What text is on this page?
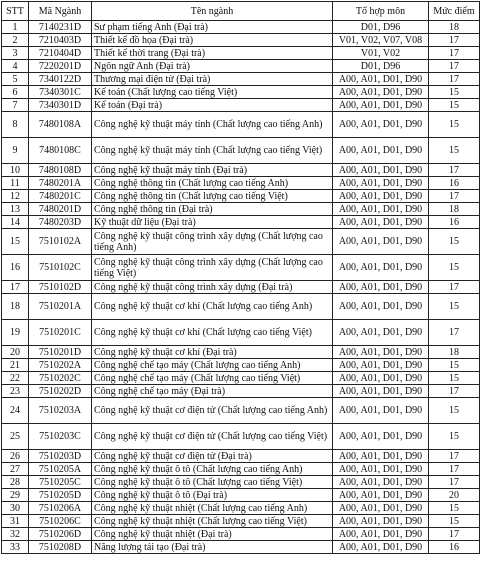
STT	Mã Ngành	Tên ngành	Tổ hợp môn	Mức điểm
1	7140231D	Sư phạm tiếng Anh (Đại trà)	D01, D96	18
2	7210403D	Thiết kế đồ họa (Đại trà)	V01, V02, V07, V08	17
3	7210404D	Thiết kế thời trang (Đại trà)	V01, V02	17
4	7220201D	Ngôn ngữ Anh (Đại trà)	D01, D96	17
5	7340122D	Thương mại điện tử (Đại trà)	A00, A01, D01, D90	17
6	7340301C	Kế toán (Chất lượng cao tiếng Việt)	A00, A01, D01, D90	15
7	7340301D	Kế toán (Đại trà)	A00, A01, D01, D90	15
8	7480108A	Công nghệ kỹ thuật máy tính (Chất lượng cao tiếng Anh)	A00, A01, D01, D90	15
9	7480108C	Công nghệ kỹ thuật máy tính (Chất lượng cao tiếng Việt)	A00, A01, D01, D90	15
10	7480108D	Công nghệ kỹ thuật máy tính (Đại trà)	A00, A01, D01, D90	17
11	7480201A	Công nghệ thông tin (Chất lượng cao tiếng Anh)	A00, A01, D01, D90	16
12	7480201C	Công nghệ thông tin (Chất lượng cao tiếng Việt)	A00, A01, D01, D90	17
13	7480201D	Công nghệ thông tin (Đại trà)	A00, A01, D01, D90	18
14	7480203D	Kỹ thuật dữ liệu (Đại trà)	A00, A01, D01, D90	16
15	7510102A	Công nghệ kỹ thuật công trình xây dựng (Chất lượng cao tiếng Anh)	A00, A01, D01, D90	15
16	7510102C	Công nghệ kỹ thuật công trình xây dựng (Chất lượng cao tiếng Việt)	A00, A01, D01, D90	15
17	7510102D	Công nghệ kỹ thuật công trình xây dựng (Đại trà)	A00, A01, D01, D90	17
18	7510201A	Công nghệ kỹ thuật cơ khí (Chất lượng cao tiếng Anh)	A00, A01, D01, D90	15
19	7510201C	Công nghệ kỹ thuật cơ khí (Chất lượng cao tiếng Việt)	A00, A01, D01, D90	17
20	7510201D	Công nghệ kỹ thuật cơ khí (Đại trà)	A00, A01, D01, D90	18
21	7510202A	Công nghệ chế tạo máy (Chất lượng cao tiếng Anh)	A00, A01, D01, D90	15
22	7510202C	Công nghệ chế tạo máy (Chất lượng cao tiếng Việt)	A00, A01, D01, D90	15
23	7510202D	Công nghệ chế tạo máy (Đại trà)	A00, A01, D01, D90	17
24	7510203A	Công nghệ kỹ thuật cơ điện tử (Chất lượng cao tiếng Anh)	A00, A01, D01, D90	15
25	7510203C	Công nghệ kỹ thuật cơ điện tử (Chất lượng cao tiếng Việt)	A00, A01, D01, D90	15
26	7510203D	Công nghệ kỹ thuật cơ điện tử (Đại trà)	A00, A01, D01, D90	17
27	7510205A	Công nghệ kỹ thuật ô tô (Chất lượng cao tiếng Anh)	A00, A01, D01, D90	17
28	7510205C	Công nghệ kỹ thuật ô tô (Chất lượng cao tiếng Việt)	A00, A01, D01, D90	17
29	7510205D	Công nghệ kỹ thuật ô tô (Đại trà)	A00, A01, D01, D90	20
30	7510206A	Công nghệ kỹ thuật nhiệt (Chất lượng cao tiếng Anh)	A00, A01, D01, D90	15
31	7510206C	Công nghệ kỹ thuật nhiệt (Chất lượng cao tiếng Việt)	A00, A01, D01, D90	15
32	7510206D	Công nghệ kỹ thuật nhiệt (Đại trà)	A00, A01, D01, D90	17
33	7510208D	Năng lượng tái tạo (Đại trà)	A00, A01, D01, D90	16
